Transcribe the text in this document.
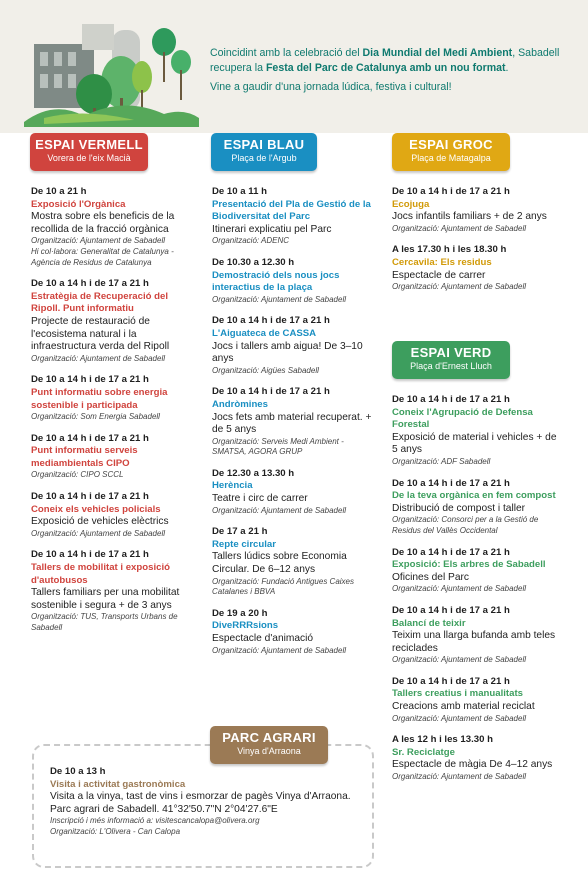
Coincidint amb la celebració del Dia Mundial del Medi Ambient, Sabadell recupera la Festa del Parc de Catalunya amb un nou format.

Vine a gaudir d'una jornada lúdica, festiva i cultural!

ESPAI VERMELL
Vorera de l'eix Macià
ESPAI BLAU
Plaça de l'Argub
ESPAI GROC
Plaça de Matagalpa
ESPAI VERD
Plaça d'Ernest Lluch
De 10 a 21 h
Exposició l'Orgànica
Mostra sobre els beneficis de la recollida de la fracció orgànica
Organització: Ajuntament de Sabadell
Hi col·labora: Generalitat de Catalunya - Agència de Residus de Catalunya
De 10 a 14 h i de 17 a 21 h
Estratègia de Recuperació del Ripoll. Punt informatiu
Projecte de restauració de l'ecosistema natural i la infraestructura verda del Ripoll
Organització: Ajuntament de Sabadell
De 10 a 14 h i de 17 a 21 h
Punt informatiu sobre energia sostenible i participada
Organització: Som Energia Sabadell
De 10 a 14 h i de 17 a 21 h
Punt informatiu serveis mediambientals CIPO
Organització: CIPO SCCL
De 10 a 14 h i de 17 a 21 h
Coneix els vehicles policials
Exposició de vehicles elèctrics
Organització: Ajuntament de Sabadell
De 10 a 14 h i de 17 a 21 h
Tallers de mobilitat i exposició d'autobusos
Tallers familiars per una mobilitat sostenible i segura + de 3 anys
Organització: TUS, Transports Urbans de Sabadell
De 10 a 11 h
Presentació del Pla de Gestió de la Biodiversitat del Parc
Itinerari explicatiu pel Parc
Organització: ADENC
De 10.30 a 12.30 h
Demostració dels nous jocs interactius de la plaça
Organització: Ajuntament de Sabadell
De 10 a 14 h i de 17 a 21 h
L'Aiguateca de CASSA
Jocs i tallers amb aigua! De 3–10 anys
Organització: Aigües Sabadell
De 10 a 14 h i de 17 a 21 h
Andròmines
Jocs fets amb material recuperat. + de 5 anys
Organització: Serveis Medi Ambient -SMATSA, AGORA GRUP
De 12.30 a 13.30 h
Herència
Teatre i circ de carrer
Organització: Ajuntament de Sabadell
De 17 a 21 h
Repte circular
Tallers lúdics sobre Economia Circular. De 6–12 anys
Organització: Fundació Antigues Caixes Catalanes i BBVA
De 19 a 20 h
DiveRRRsions
Espectacle d'animació
Organització: Ajuntament de Sabadell
De 10 a 14 h i de 17 a 21 h
Ecojuga
Jocs infantils familiars + de 2 anys
Organització: Ajuntament de Sabadell
A les 17.30 h i les 18.30 h
Cercavila: Els residus
Espectacle de carrer
Organització: Ajuntament de Sabadell
De 10 a 14 h i de 17 a 21 h
Coneix l'Agrupació de Defensa Forestal
Exposició de material i vehicles + de 5 anys
Organització: ADF Sabadell
De 10 a 14 h i de 17 a 21 h
De la teva orgànica en fem compost
Distribució de compost i taller
Organització: Consorci per a la Gestió de Residus del Vallès Occidental
De 10 a 14 h i de 17 a 21 h
Exposició: Els arbres de Sabadell
Oficines del Parc
Organització: Ajuntament de Sabadell
De 10 a 14 h i de 17 a 21 h
Balancí de teixir
Teixim una llarga bufanda amb teles reciclades
Organització: Ajuntament de Sabadell
De 10 a 14 h i de 17 a 21 h
Tallers creatius i manualitats
Creacions amb material reciclat
Organització: Ajuntament de Sabadell
A les 12 h i les 13.30 h
Sr. Reciclatge
Espectacle de màgia De 4–12 anys
Organització: Ajuntament de Sabadell
PARC AGRARI
Vinya d'Arraona
De 10 a 13 h
Visita i activitat gastronòmica
Visita a la vinya, tast de vins i esmorzar de pagès Vinya d'Arraona. Parc agrari de Sabadell. 41°32'50.7"N 2°04'27.6"E
Inscripció i més informació a: visitescancalopa@olivera.org
Organització: L'Olivera - Can Calopa
